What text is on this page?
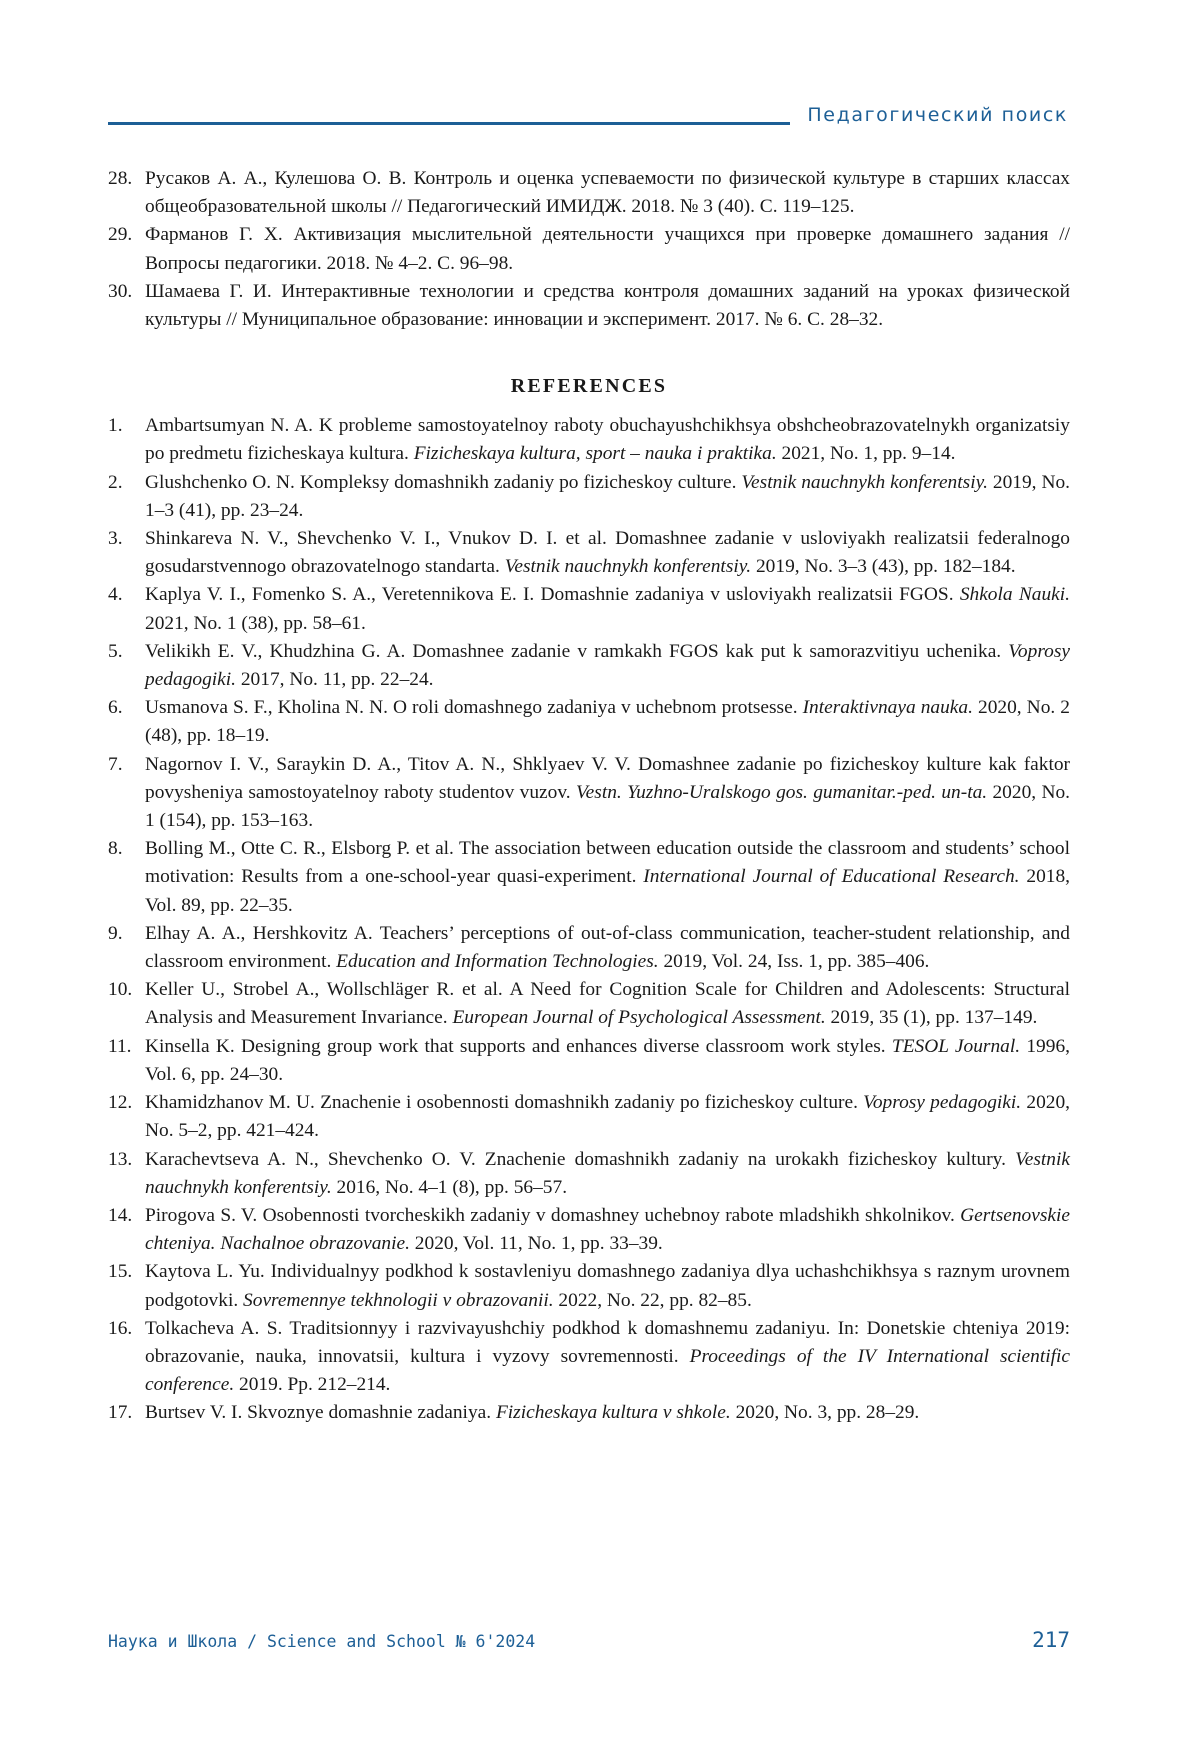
Педагогический поиск
28. Русаков А. А., Кулешова О. В. Контроль и оценка успеваемости по физической культуре в старших классах общеобразовательной школы // Педагогический ИМИДЖ. 2018. № 3 (40). С. 119–125.
29. Фарманов Г. Х. Активизация мыслительной деятельности учащихся при проверке домашнего задания // Вопросы педагогики. 2018. № 4–2. С. 96–98.
30. Шамаева Г. И. Интерактивные технологии и средства контроля домашних заданий на уроках физической культуры // Муниципальное образование: инновации и эксперимент. 2017. № 6. С. 28–32.
REFERENCES
1.	Ambartsumyan N. A. K probleme samostoyatelnoy raboty obuchayushchikhsya obshcheobrazovatelnykh organizatsiy po predmetu fizicheskaya kultura. Fizicheskaya kultura, sport – nauka i praktika. 2021, No. 1, pp. 9–14.
2.	Glushchenko O. N. Kompleksy domashnikh zadaniy po fizicheskoy culture. Vestnik nauchnykh konferentsiy. 2019, No. 1–3 (41), pp. 23–24.
3.	Shinkareva N. V., Shevchenko V. I., Vnukov D. I. et al. Domashnee zadanie v usloviyakh realizatsii federalnogo gosudarstvennogo obrazovatelnogo standarta. Vestnik nauchnykh konferentsiy. 2019, No. 3–3 (43), pp. 182–184.
4.	Kaplya V. I., Fomenko S. A., Veretennikova E. I. Domashnie zadaniya v usloviyakh realizatsii FGOS. Shkola Nauki. 2021, No. 1 (38), pp. 58–61.
5.	Velikikh E. V., Khudzhina G. A. Domashnee zadanie v ramkakh FGOS kak put k samorazvitiyu uchenika. Voprosy pedagogiki. 2017, No. 11, pp. 22–24.
6.	Usmanova S. F., Kholina N. N. O roli domashnego zadaniya v uchebnom protsesse. Interaktivnaya nauka. 2020, No. 2 (48), pp. 18–19.
7.	Nagornov I. V., Saraykin D. A., Titov A. N., Shklyaev V. V. Domashnee zadanie po fizicheskoy kulture kak faktor povysheniya samostoyatelnoy raboty studentov vuzov. Vestn. Yuzhno-Uralskogo gos. gumanitar.-ped. un-ta. 2020, No. 1 (154), pp. 153–163.
8.	Bolling M., Otte C. R., Elsborg P. et al. The association between education outside the classroom and students’ school motivation: Results from a one-school-year quasi-experiment. International Journal of Educational Research. 2018, Vol. 89, pp. 22–35.
9.	Elhay A. A., Hershkovitz A. Teachers’ perceptions of out-of-class communication, teacher-student relationship, and classroom environment. Education and Information Technologies. 2019, Vol. 24, Iss. 1, pp. 385–406.
10. Keller U., Strobel A., Wollschläger R. et al. A Need for Cognition Scale for Children and Adolescents: Structural Analysis and Measurement Invariance. European Journal of Psychological Assessment. 2019, 35 (1), pp. 137–149.
11. Kinsella K. Designing group work that supports and enhances diverse classroom work styles. TESOL Journal. 1996, Vol. 6, pp. 24–30.
12. Khamidzhanov M. U. Znachenie i osobennosti domashnikh zadaniy po fizicheskoy culture. Voprosy pedagogiki. 2020, No. 5–2, pp. 421–424.
13. Karachevtseva A. N., Shevchenko O. V. Znachenie domashnikh zadaniy na urokakh fizicheskoy kultury. Vestnik nauchnykh konferentsiy. 2016, No. 4–1 (8), pp. 56–57.
14. Pirogova S. V. Osobennosti tvorcheskikh zadaniy v domashney uchebnoy rabote mladshikh shkolnikov. Gertsenovskie chteniya. Nachalnoe obrazovanie. 2020, Vol. 11, No. 1, pp. 33–39.
15. Kaytova L. Yu. Individualnyy podkhod k sostavleniyu domashnego zadaniya dlya uchashchikhsya s raznym urovnem podgotovki. Sovremennye tekhnologii v obrazovanii. 2022, No. 22, pp. 82–85.
16. Tolkacheva A. S. Traditsionnyy i razvivayushchiy podkhod k domashnemu zadaniyu. In: Donetskie chteniya 2019: obrazovanie, nauka, innovatsii, kultura i vyzovy sovremennosti. Proceedings of the IV International scientific conference. 2019. Pp. 212–214.
17. Burtsev V. I. Skvoznye domashnie zadaniya. Fizicheskaya kultura v shkole. 2020, No. 3, pp. 28–29.
Наука и Школа / Science and School № 6'2024	217
